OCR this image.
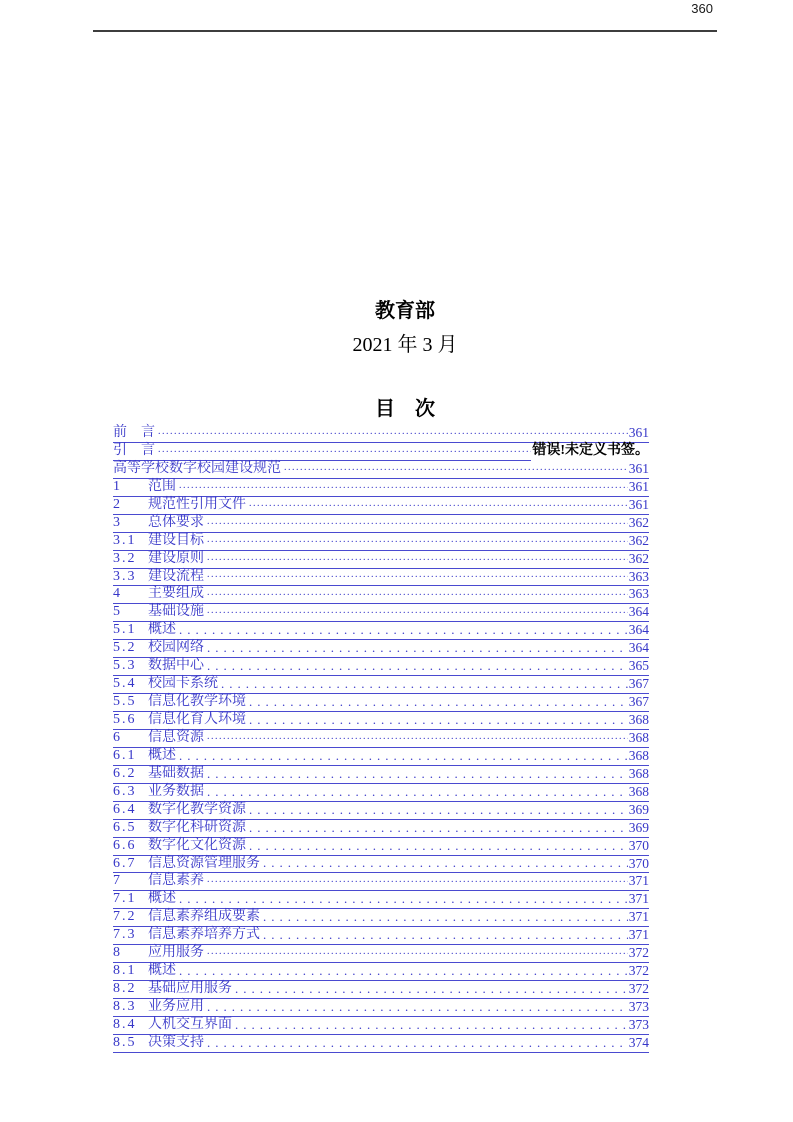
360
教育部
2021 年 3 月
目　次
前　言 .....	361
引　言 .....	错误!未定义书签。
高等学校数字校园建设规范 .....	361
1	范围 .....	361
2	规范性引用文件 .....	361
3	总体要求 .....	362
3.1 建设目标 .....	362
3.2 建设原则 .....	362
3.3 建设流程 .....	363
4	主要组成 .....	363
5	基础设施 .....	364
5.1 概述 .....	364
5.2 校园网络 .....	364
5.3 数据中心 .....	365
5.4 校园卡系统 .....	367
5.5 信息化教学环境 .....	367
5.6 信息化育人环境 .....	368
6	信息资源 .....	368
6.1 概述 .....	368
6.2 基础数据 .....	368
6.3 业务数据 .....	368
6.4 数字化教学资源 .....	369
6.5 数字化科研资源 .....	369
6.6 数字化文化资源 .....	370
6.7 信息资源管理服务 .....	370
7	信息素养 .....	371
7.1 概述 .....	371
7.2 信息素养组成要素 .....	371
7.3 信息素养培养方式 .....	371
8	应用服务 .....	372
8.1 概述 .....	372
8.2 基础应用服务 .....	372
8.3 业务应用 .....	373
8.4 人机交互界面 .....	373
8.5 决策支持 .....	374
